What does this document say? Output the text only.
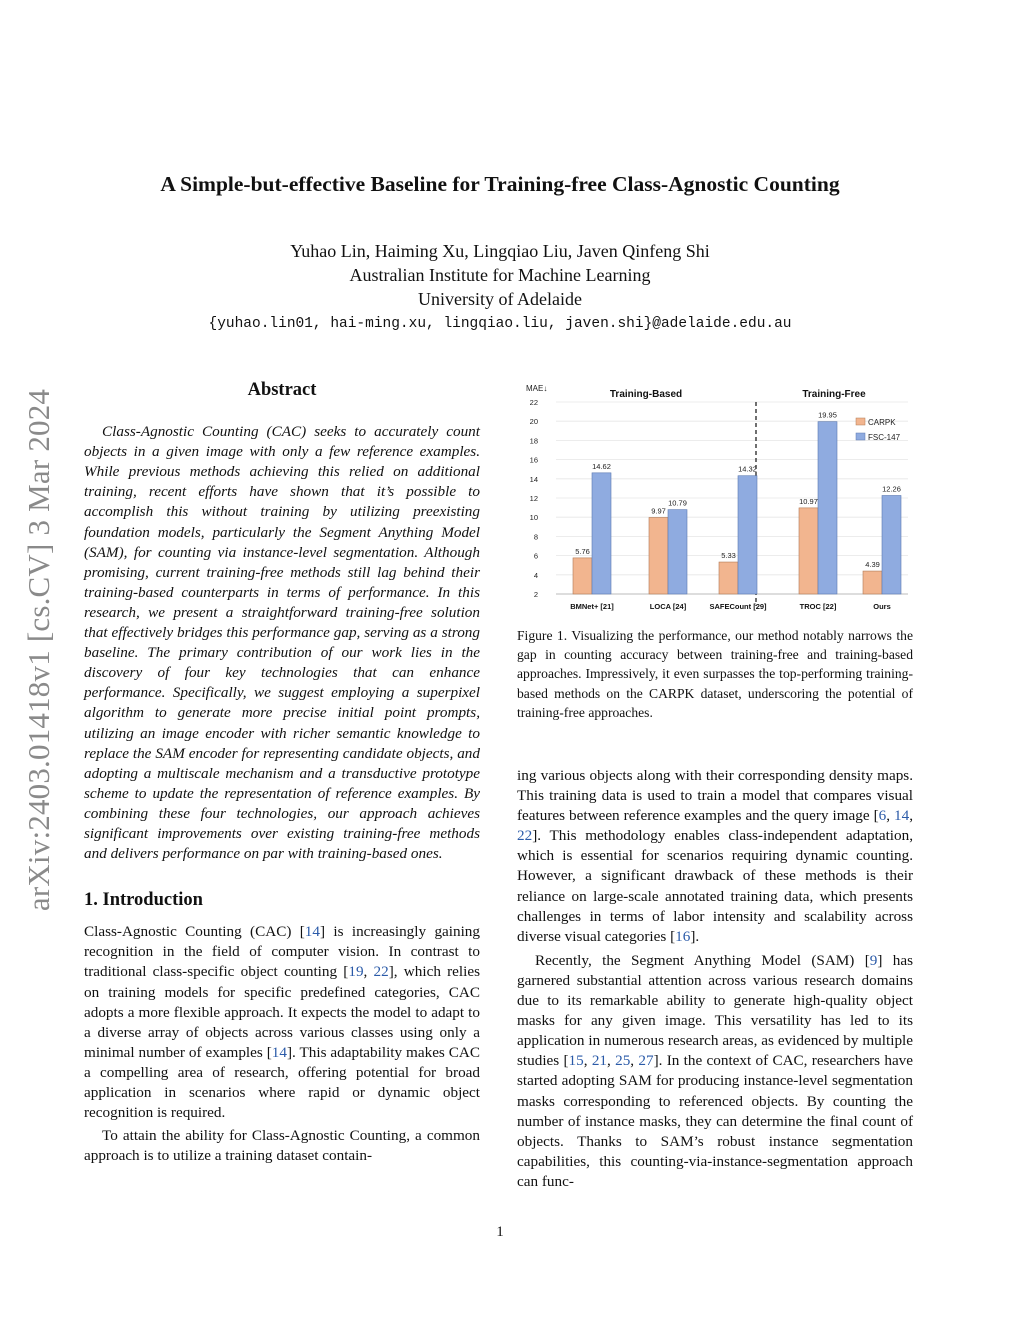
arXiv:2403.01418v1 [cs.CV] 3 Mar 2024
A Simple-but-effective Baseline for Training-free Class-Agnostic Counting
Yuhao Lin, Haiming Xu, Lingqiao Liu, Javen Qinfeng Shi
Australian Institute for Machine Learning
University of Adelaide
{yuhao.lin01, hai-ming.xu, lingqiao.liu, javen.shi}@adelaide.edu.au

Abstract

Class-Agnostic Counting (CAC) seeks to accurately count objects in a given image with only a few reference examples. While previous methods achieving this relied on additional training, recent efforts have shown that it’s possible to accomplish this without training by utilizing preexisting foundation models, particularly the Segment Anything Model (SAM), for counting via instance-level segmentation. Although promising, current training-free methods still lag behind their training-based counterparts in terms of performance. In this research, we present a straightforward training-free solution that effectively bridges this performance gap, serving as a strong baseline. The primary contribution of our work lies in the discovery of four key technologies that can enhance performance. Specifically, we suggest employing a superpixel algorithm to generate more precise initial point prompts, utilizing an image encoder with richer semantic knowledge to replace the SAM encoder for representing candidate objects, and adopting a multiscale mechanism and a transductive prototype scheme to update the representation of reference examples. By combining these four technologies, our approach achieves significant improvements over existing training-free methods and delivers performance on par with training-based ones.

1. Introduction

Class-Agnostic Counting (CAC) [14] is increasingly gaining recognition in the field of computer vision. In contrast to traditional class-specific object counting [19, 22], which relies on training models for specific predefined categories, CAC adopts a more flexible approach. It expects the model to adapt to a diverse array of objects across various classes using only a minimal number of examples [14]. This adaptability makes CAC a compelling area of research, offering potential for broad application in scenarios where rapid or dynamic object recognition is required.

To attain the ability for Class-Agnostic Counting, a common approach is to utilize a training dataset contain-

2
4
6
8
10
12
14
16
18
20
22
MAE↓
Training-Based	Training-Free
5.76
14.62
9.97
10.79
5.33
14.32
10.97
19.95
4.39
12.26
BMNet+ [21]	LOCA [24]	SAFECount [29]	TROC [22]	Ours
CARPK
FSC-147
Figure 1. Visualizing the performance, our method notably narrows the gap in counting accuracy between training-free and training-based approaches. Impressively, it even surpasses the top-performing training-based methods on the CARPK dataset, underscoring the potential of training-free approaches.

ing various objects along with their corresponding density maps. This training data is used to train a model that compares visual features between reference examples and the query image [6, 14, 22]. This methodology enables class-independent adaptation, which is essential for scenarios requiring dynamic counting. However, a significant drawback of these methods is their reliance on large-scale annotated training data, which presents challenges in terms of labor intensity and scalability across diverse visual categories [16].

Recently, the Segment Anything Model (SAM) [9] has garnered substantial attention across various research domains due to its remarkable ability to generate high-quality object masks for any given image. This versatility has led to its application in numerous research areas, as evidenced by multiple studies [15, 21, 25, 27]. In the context of CAC, researchers have started adopting SAM for producing instance-level segmentation masks corresponding to referenced objects. By counting the number of instance masks, they can determine the final count of objects. Thanks to SAM’s robust instance segmentation capabilities, this counting-via-instance-segmentation approach can func-

1
